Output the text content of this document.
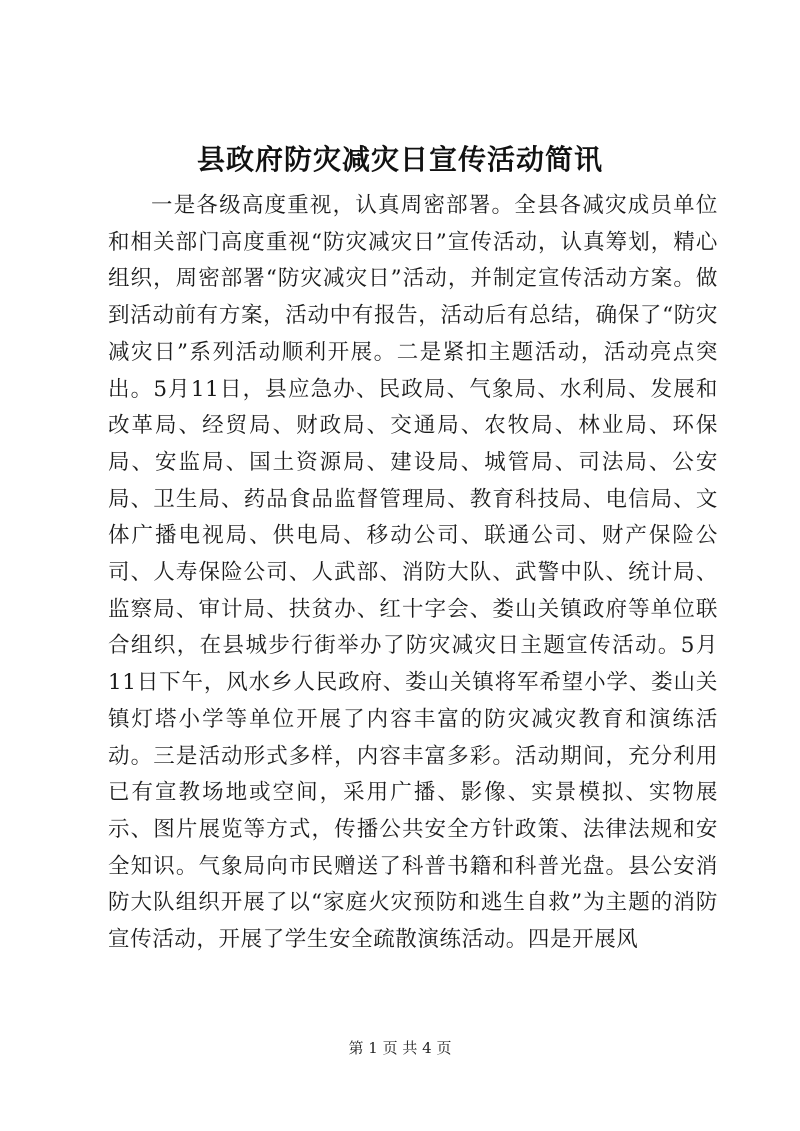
县政府防灾减灾日宣传活动简讯

一是各级高度重视，认真周密部署。全县各减灾成员单位和相关部门高度重视“防灾减灾日”宣传活动，认真筹划，精心组织，周密部署“防灾减灾日”活动，并制定宣传活动方案。做到活动前有方案，活动中有报告，活动后有总结，确保了“防灾减灾日”系列活动顺利开展。二是紧扣主题活动，活动亮点突出。5月11日，县应急办、民政局、气象局、水利局、发展和改革局、经贸局、财政局、交通局、农牧局、林业局、环保局、安监局、国土资源局、建设局、城管局、司法局、公安局、卫生局、药品食品监督管理局、教育科技局、电信局、文体广播电视局、供电局、移动公司、联通公司、财产保险公司、人寿保险公司、人武部、消防大队、武警中队、统计局、监察局、审计局、扶贫办、红十字会、娄山关镇政府等单位联合组织，在县城步行街举办了防灾减灾日主题宣传活动。5月11日下午，风水乡人民政府、娄山关镇将军希望小学、娄山关镇灯塔小学等单位开展了内容丰富的防灾减灾教育和演练活动。三是活动形式多样，内容丰富多彩。活动期间，充分利用已有宣教场地或空间，采用广播、影像、实景模拟、实物展示、图片展览等方式，传播公共安全方针政策、法律法规和安全知识。气象局向市民赠送了科普书籍和科普光盘。县公安消防大队组织开展了以“家庭火灾预防和逃生自救”为主题的消防宣传活动，开展了学生安全疏散演练活动。四是开展风

第 1 页 共 4 页
